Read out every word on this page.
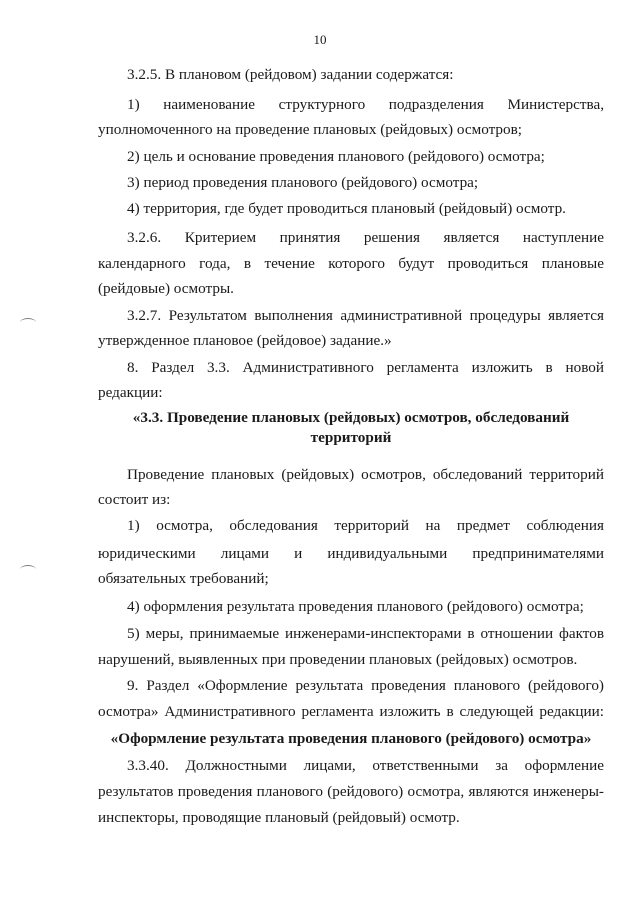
10
3.2.5. В плановом (рейдовом) задании содержатся:
1) наименование структурного подразделения Министерства,
уполномоченного на проведение плановых (рейдовых) осмотров;
2) цель и основание проведения планового (рейдового) осмотра;
3) период проведения планового (рейдового) осмотра;
4) территория, где будет проводиться плановый (рейдовый) осмотр.
3.2.6. Критерием принятия решения является наступление
календарного года, в течение которого будут проводиться плановые
(рейдовые) осмотры.
3.2.7. Результатом выполнения административной процедуры является
утвержденное плановое (рейдовое) задание.»
8. Раздел 3.3. Административного регламента изложить в новой
редакции:
«3.3. Проведение плановых (рейдовых) осмотров, обследований
территорий
Проведение плановых (рейдовых) осмотров, обследований территорий
состоит из:
1) осмотра, обследования территорий на предмет соблюдения
юридическими лицами и индивидуальными предпринимателями
обязательных требований;
4) оформления результата проведения планового (рейдового) осмотра;
5) меры, принимаемые инженерами-инспекторами в отношении фактов
нарушений, выявленных при проведении плановых (рейдовых) осмотров.
9. Раздел «Оформление результата проведения планового (рейдового)
осмотра» Административного регламента изложить в следующей редакции:
«Оформление результата проведения планового (рейдового) осмотра»
3.3.40. Должностными лицами, ответственными за оформление
результатов проведения планового (рейдового) осмотра, являются инженеры-
инспекторы, проводящие плановый (рейдовый) осмотр.
